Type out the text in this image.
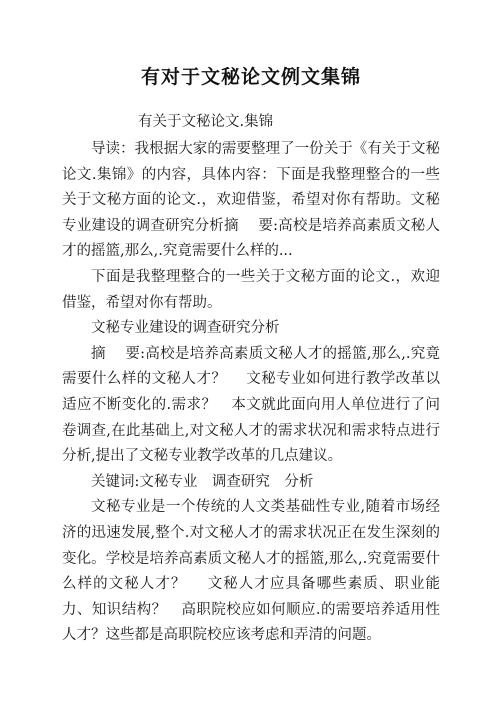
有对于文秘论文例文集锦
有关于文秘论文.集锦

导读：我根据大家的需要整理了一份关于《有关于文秘论文.集锦》的内容，具体内容：下面是我整理整合的一些关于文秘方面的论文.，欢迎借鉴，希望对你有帮助。文秘专业建设的调查研究分析摘　 要:高校是培养高素质文秘人才的摇篮,那么,.究竟需要什么样的...

下面是我整理整合的一些关于文秘方面的论文.，欢迎借鉴，希望对你有帮助。

文秘专业建设的调查研究分析

摘　 要:高校是培养高素质文秘人才的摇篮,那么,.究竟需要什么样的文秘人才？　 文秘专业如何进行教学改革以适应不断变化的.需求？　本文就此面向用人单位进行了问卷调查,在此基础上,对文秘人才的需求状况和需求特点进行分析,提出了文秘专业教学改革的几点建议。

关键词:文秘专业　调查研究　分析

文秘专业是一个传统的人文类基础性专业,随着市场经济的迅速发展,整个.对文秘人才的需求状况正在发生深刻的变化。学校是培养高素质文秘人才的摇篮,那么,.究竟需要什么样的文秘人才？　 文秘人才应具备哪些素质、职业能力、知识结构？　高职院校应如何顺应.的需要培养适用性人才？这些都是高职院校应该考虑和弄清的问题。
